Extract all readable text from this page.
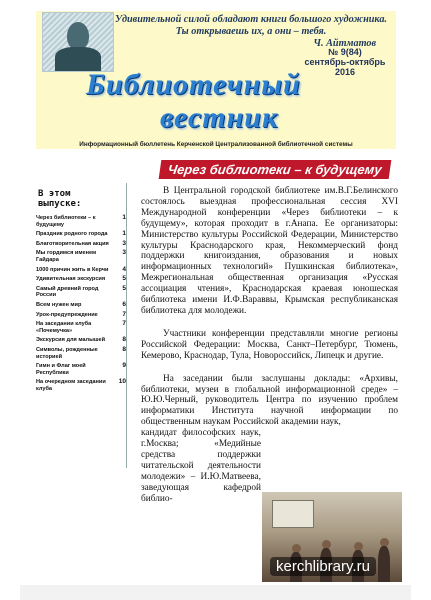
Удивительной силой обладают книги большого художника. Ты открываешь их, а они – тебя.
Ч. Айтматов
№ 9(84)
сентябрь-октябрь
2016
Библиотечный
вестник
Информационный бюллетень Керченской Централизованной библиотечной системы
Через библиотеки – к будущему
В этом
выпуске:
Через библиотеки – к будущему
1
Праздник родного города 1
Благотворительная акция 3
Мы гордимся именем Гайдара
3
1000 причин жить в Керчи 4
Удивительная экскурсия	5
Самый древний город России
5
Всем нужен мир	6
Урок-предупреждение	7
На заседании клуба «Почемучка»
7
Экскурсия для малышей	8
Символы, рожденные историей
8
Гимн и Флаг моей Республики
9
На очередном заседании клуба
10

В Центральной городской библиотеке им.В.Г.Белинского состоялось выездная профессиональная сессия XVI Международной конференции «Через библиотеки – к будущему», которая проходит в г.Анапа. Ее организаторы: Министерство культуры Российской Федерации, Министерство культуры Краснодарского края, Некоммерческий фонд поддержки книгоиздания, образования и новых информационных технологий» Пушкинская библиотека», Межрегиональная общественная организация «Русская ассоциация чтения», Краснодарская краевая юношеская библиотека имени И.Ф.Вараввы, Крымская республиканская библиотека для молодежи.

Участники конференции представляли многие регионы Российской Федерации: Москва, Санкт–Петербург, Тюмень, Кемерово, Краснодар, Тула, Новороссийск, Липецк и другие.

На заседании были заслушаны доклады: «Архивы, библиотеки, музеи в глобальной информационной среде» – Ю.Ю.Черный, руководитель Центра по изучению проблем информатики Института научной информации по общественным наукам Российской академии наук,

кандидат философских наук, г.Москва; «Медийные средства поддержки читательской деятельности молодежи» – И.Ю.Матвеева, заведующая кафедрой библио-
kerchlibrary.ru
